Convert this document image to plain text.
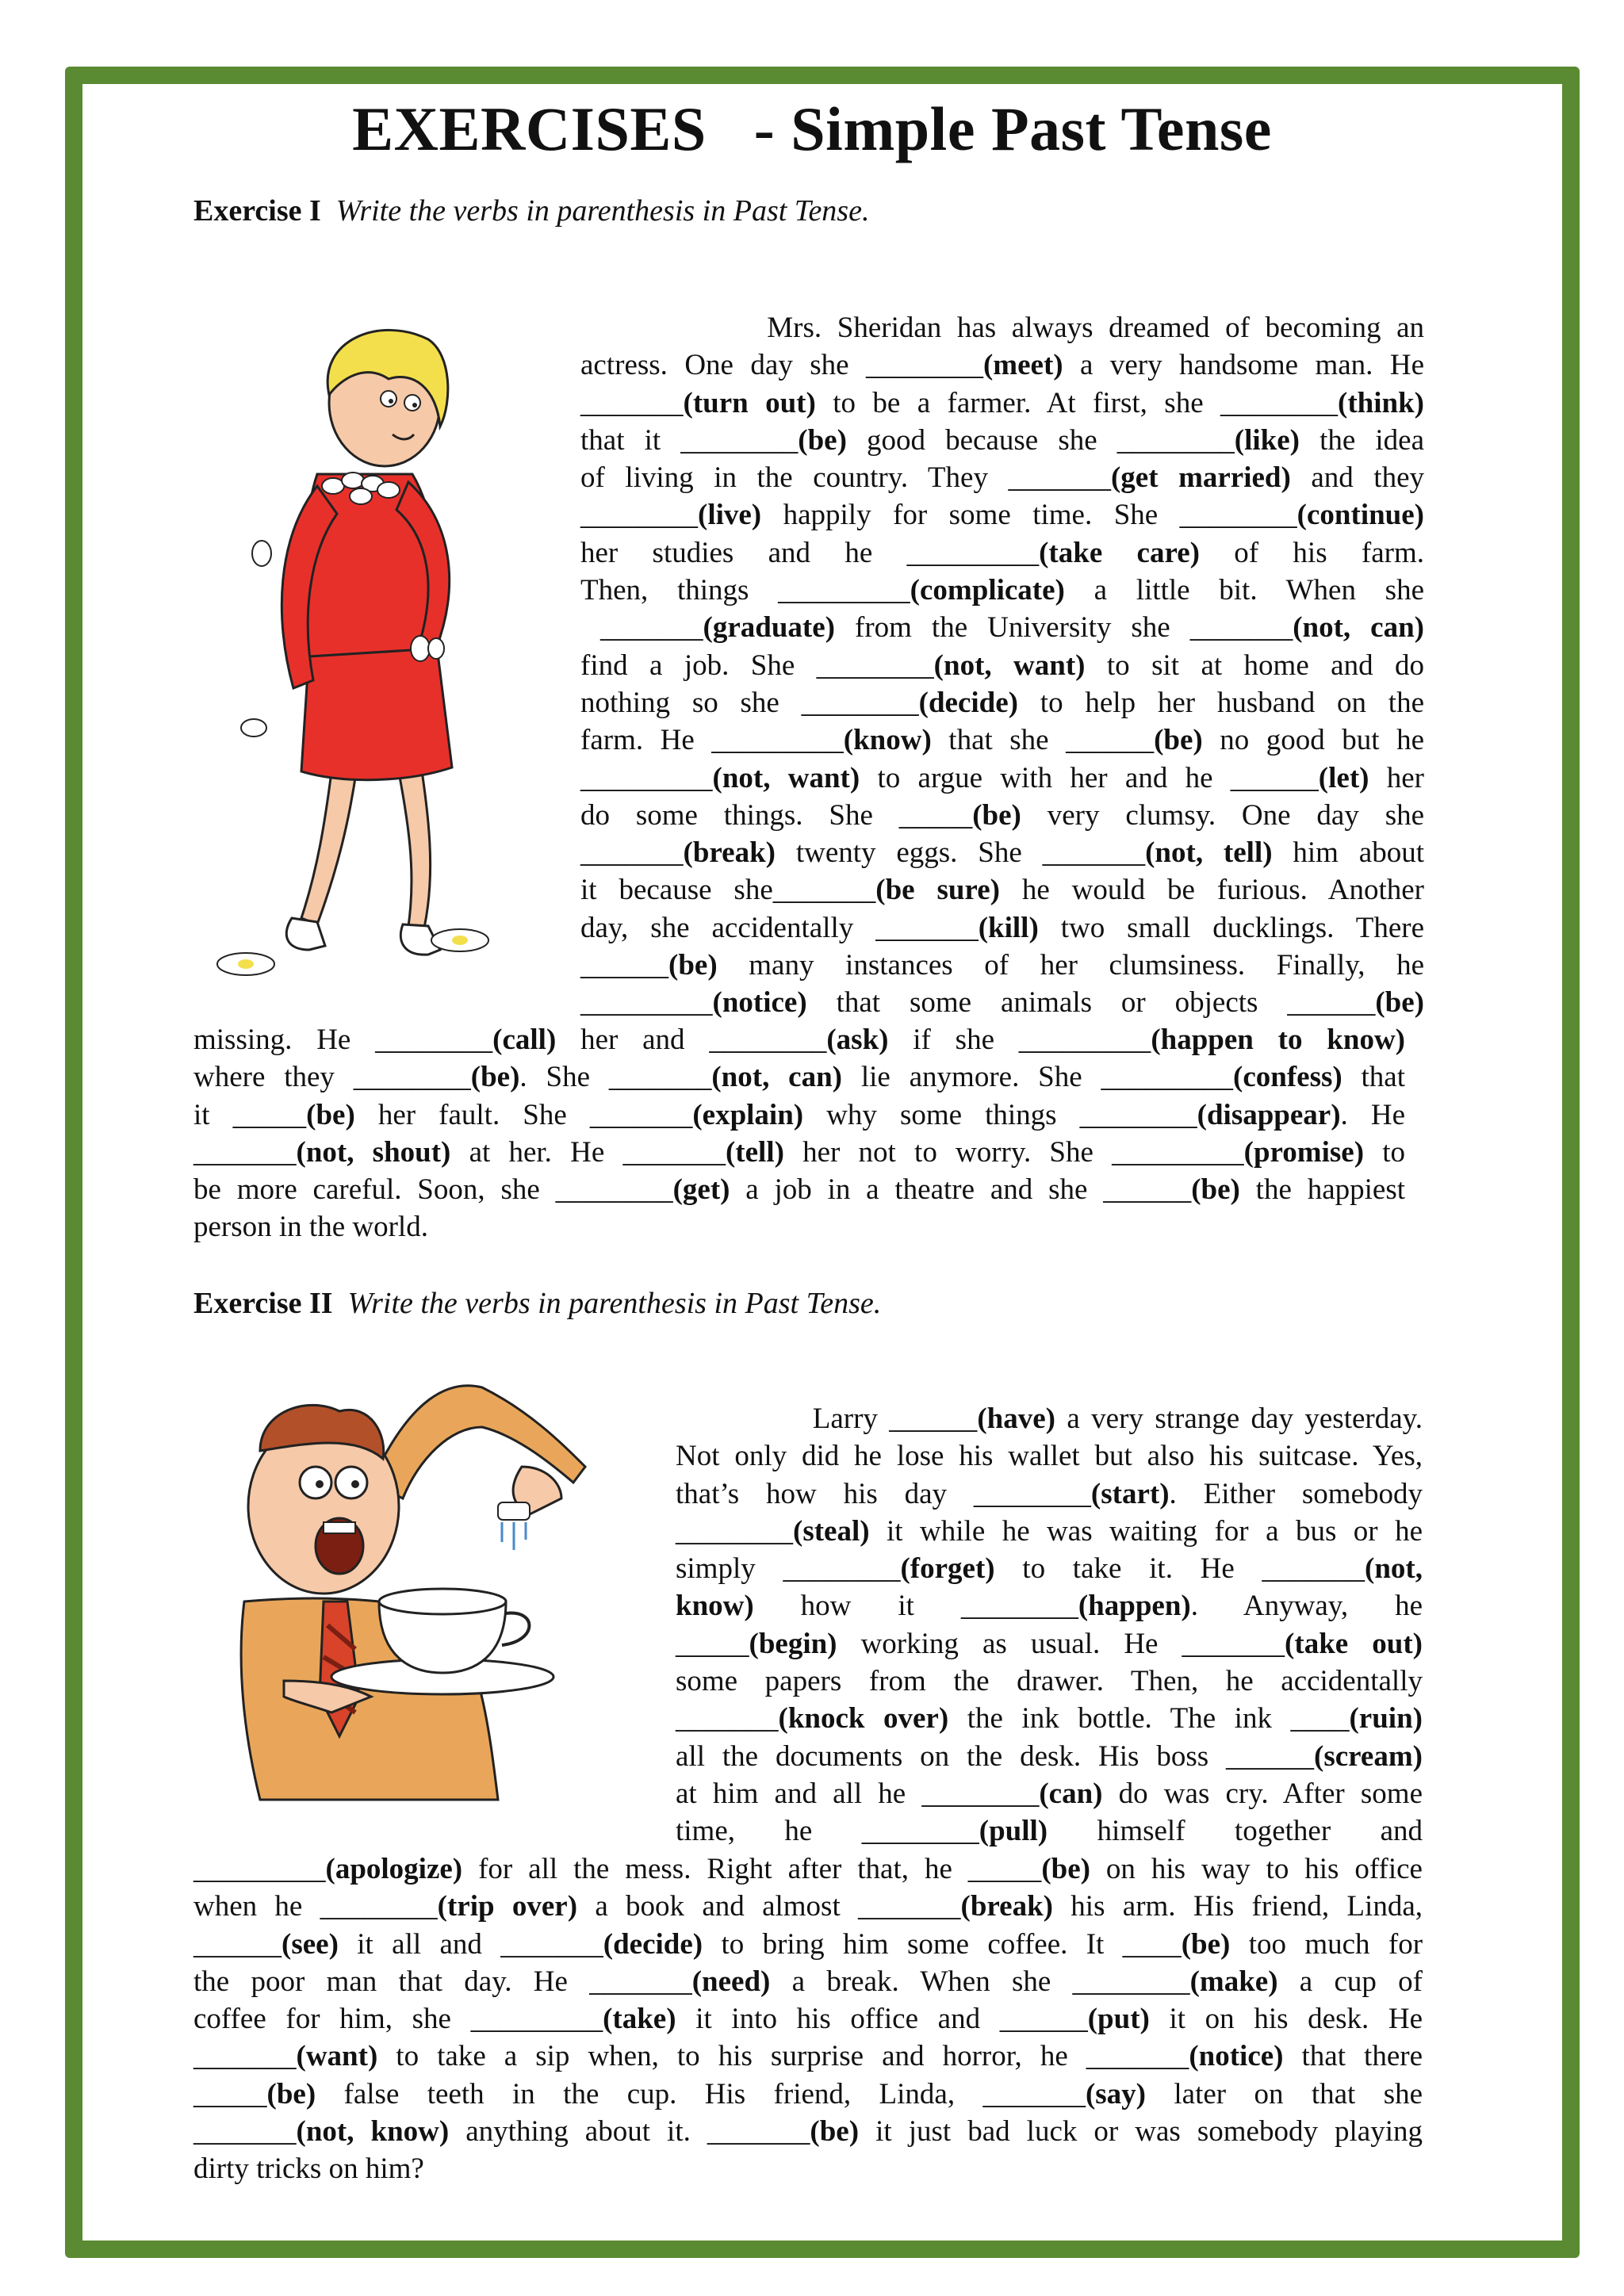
EXERCISES   - Simple Past Tense
Exercise I Write the verbs in parenthesis in Past Tense.
Mrs. Sheridan has always dreamed of becoming an
actress. One day she ________(meet) a very handsome man. He
_______(turn out) to be a farmer. At first, she ________(think)
that it ________(be) good because she ________(like) the idea
of living in the country. They _______(get married) and they
________(live) happily for some time. She ________(continue)
her studies and he _________(take care) of his farm.
Then, things _________(complicate) a little bit. When she
_______(graduate) from the University she _______(not, can)
find a job. She ________(not, want) to sit at home and do
nothing so she ________(decide) to help her husband on the
farm. He _________(know) that she ______(be) no good but he
_________(not, want) to argue with her and he ______(let) her
do some things. She _____(be) very clumsy. One day she
_______(break) twenty eggs. She _______(not, tell) him about
it because she_______(be sure) he would be furious. Another
day, she accidentally _______(kill) two small ducklings. There
______(be) many instances of her clumsiness. Finally, he
_________(notice) that some animals or objects ______(be)
missing. He ________(call) her and ________(ask) if she _________(happen to know)
where they ________(be). She _______(not, can) lie anymore. She _________(confess) that
it _____(be) her fault. She _______(explain) why some things ________(disappear). He
_______(not, shout) at her. He _______(tell) her not to worry. She _________(promise) to
be more careful. Soon, she ________(get) a job in a theatre and she ______(be) the happiest
person in the world.
Exercise II Write the verbs in parenthesis in Past Tense.
Larry ______(have) a very strange day yesterday.
Not only did he lose his wallet but also his suitcase. Yes,
that’s how his day ________(start). Either somebody
________(steal) it while he was waiting for a bus or he
simply ________(forget) to take it. He _______(not,
know) how it ________(happen). Anyway, he
_____(begin) working as usual. He _______(take out)
some papers from the drawer. Then, he accidentally
_______(knock over) the ink bottle. The ink ____(ruin)
all the documents on the desk. His boss ______(scream)
at him and all he ________(can) do was cry. After some
time, he ________(pull) himself together and
_________(apologize) for all the mess. Right after that, he _____(be) on his way to his office
when he ________(trip over) a book and almost _______(break) his arm. His friend, Linda,
______(see) it all and _______(decide) to bring him some coffee. It ____(be) too much for
the poor man that day. He _______(need) a break. When she ________(make) a cup of
coffee for him, she _________(take) it into his office and ______(put) it on his desk. He
_______(want) to take a sip when, to his surprise and horror, he _______(notice) that there
_____(be) false teeth in the cup. His friend, Linda, _______(say) later on that she
_______(not, know) anything about it. _______(be) it just bad luck or was somebody playing
dirty tricks on him?
